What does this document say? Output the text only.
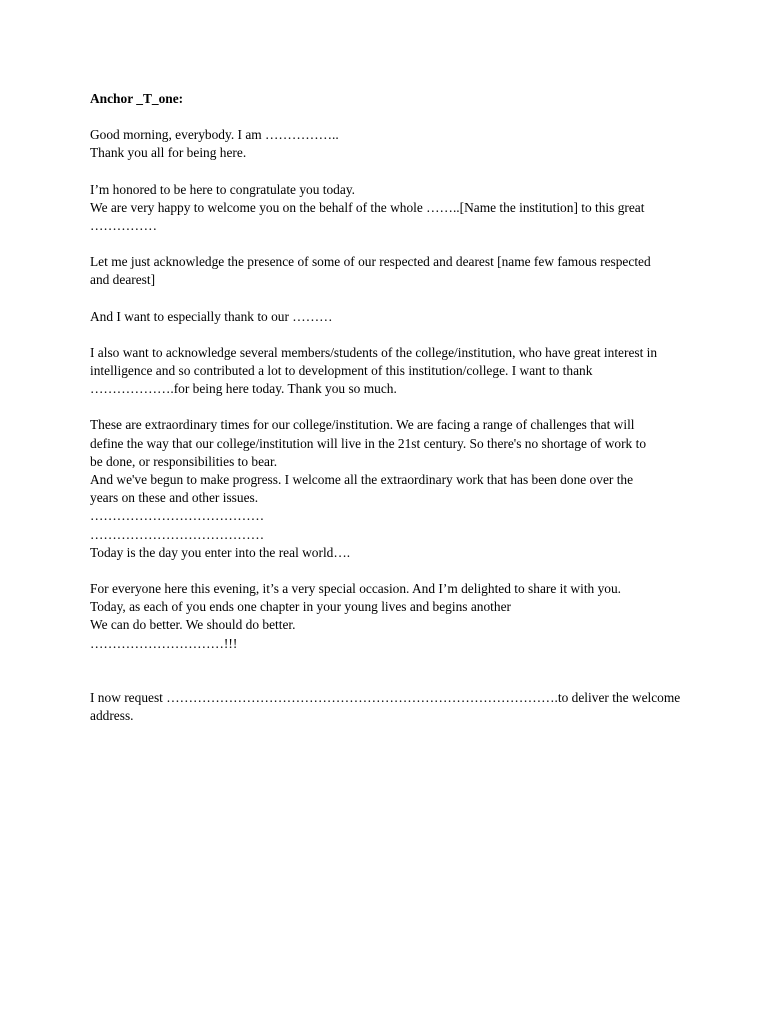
Anchor _T_one:
Good morning, everybody. I am ……………..
Thank you all for being here.
I’m honored to be here to congratulate you today.
We are very happy to welcome you on the behalf of the whole ……..[Name the institution] to this great
……………
Let me just acknowledge the presence of some of our respected and dearest [name few famous respected
and dearest]
And I want to especially thank to our ………
I also want to acknowledge several members/students of the college/institution, who have great interest in
intelligence and so contributed a lot to development of this institution/college. I want to thank
……………….for being here today. Thank you so much.
These are extraordinary times for our college/institution. We are facing a range of challenges that will
define the way that our college/institution will live in the 21st century. So there's no shortage of work to
be done, or responsibilities to bear.
And we've begun to make progress. I welcome all the extraordinary work that has been done over the
years on these and other issues.
…………………………………
…………………………………
Today is the day you enter into the real world….
For everyone here this evening, it’s a very special occasion. And I’m delighted to share it with you.
Today, as each of you ends one chapter in your young lives and begins another
We can do better. We should do better.
…………………………!!!
I now request …………………………………………………………………………….to deliver the welcome
address.
